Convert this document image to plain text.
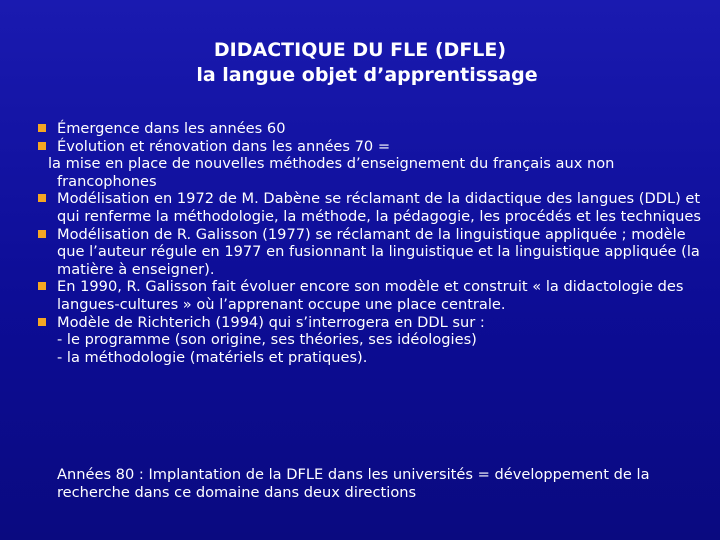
DIDACTIQUE DU FLE (DFLE)
la langue objet d’apprentissage
Émergence dans les années 60
Évolution et rénovation dans les années 70 =
la mise en place de nouvelles méthodes d’enseignement du français aux non
francophones
Modélisation en 1972 de M. Dabène se réclamant de la didactique des langues (DDL) et qui renferme la méthodologie, la méthode, la pédagogie, les procédés et les techniques
Modélisation de R. Galisson (1977) se réclamant de la linguistique appliquée ; modèle que l’auteur régule en 1977 en fusionnant la linguistique et la linguistique appliquée (la matière à enseigner).
En 1990, R. Galisson fait évoluer encore son modèle et construit « la didactologie des langues-cultures » où l’apprenant occupe une place centrale.
Modèle de Richterich (1994) qui s’interrogera en DDL sur :
- le programme (son origine, ses théories, ses idéologies)
- la méthodologie (matériels et pratiques).
Années 80 : Implantation de la DFLE dans les universités = développement de la recherche dans ce domaine dans deux directions
